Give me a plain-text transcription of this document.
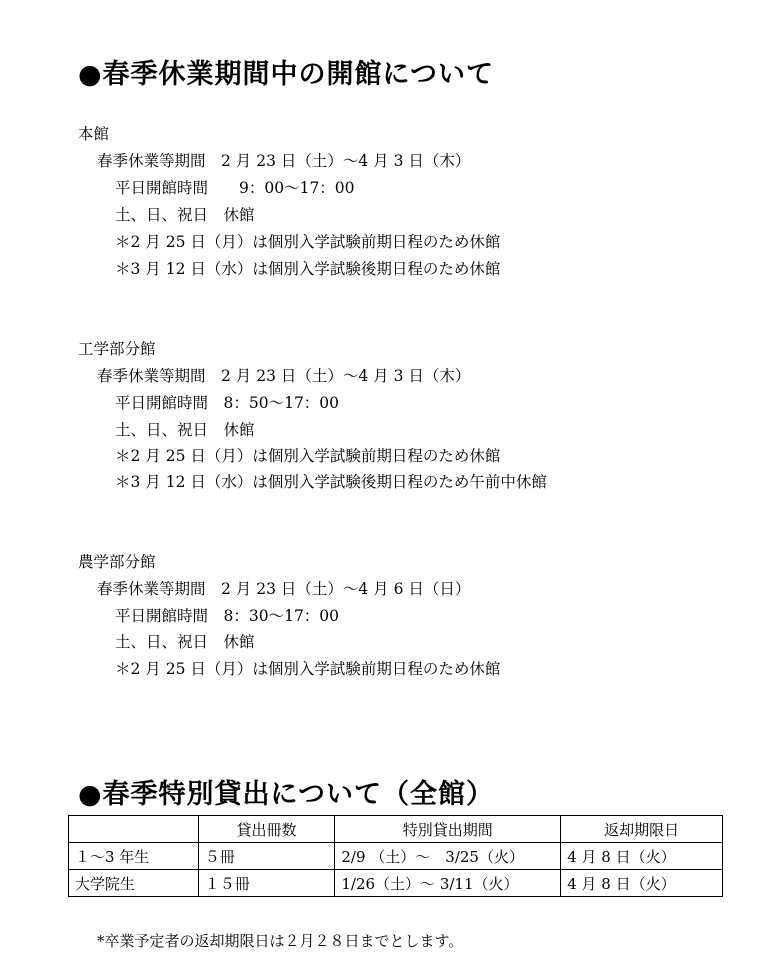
●春季休業期間中の開館について
本館
春季休業等期間　2 月 23 日（土）～4 月 3 日（木）
平日開館時間　　9：00～17：00
土、日、祝日　休館
＊2 月 25 日（月）は個別入学試験前期日程のため休館
＊3 月 12 日（水）は個別入学試験後期日程のため休館
工学部分館
春季休業等期間　2 月 23 日（土）～4 月 3 日（木）
平日開館時間　8：50～17：00
土、日、祝日　休館
＊2 月 25 日（月）は個別入学試験前期日程のため休館
＊3 月 12 日（水）は個別入学試験後期日程のため午前中休館
農学部分館
春季休業等期間　2 月 23 日（土）～4 月 6 日（日）
平日開館時間　8：30～17：00
土、日、祝日　休館
＊2 月 25 日（月）は個別入学試験前期日程のため休館
●春季特別貸出について（全館）
	貸出冊数	特別貸出期間	返却期限日
１～3 年生	５冊	2/9 （土）～　3/25（火）	4 月 8 日（火）
大学院生	１５冊	1/26（土）～ 3/11（火）	4 月 8 日（火）
*卒業予定者の返却期限日は２月２８日までとします。
